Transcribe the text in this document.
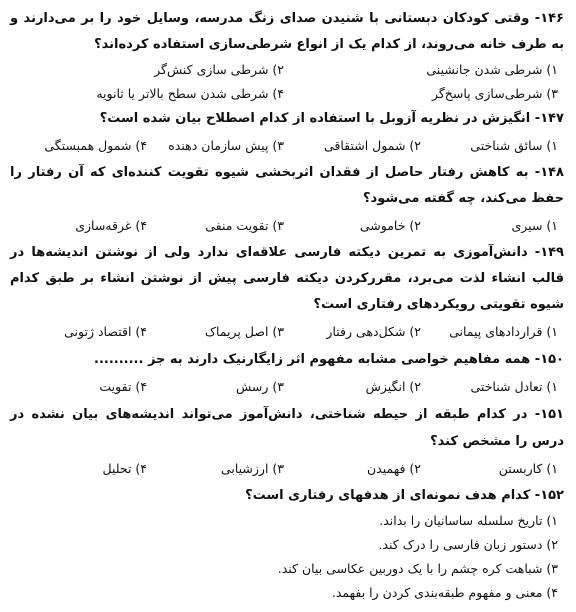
۱۴۶- وقتی کودکان دبستانی با شنیدن صدای زنگ مدرسه، وسایل خود را بر می‌دارند و به طرف خانه می‌روند، از کدام یک از انواع شرطی‌سازی استفاده کرده‌اند؟

۱) شرطی شدن جانشینی
۲) شرطی سازی کنش‌گر
۳) شرطی‌سازی پاسخ‌گر
۴) شرطی شدن سطح بالاتر یا ثانویه

۱۴۷- انگیزش در نظریه آزوبل با استفاده از کدام اصطلاح بیان شده است؟

۱) سائق شناختی
۲) شمول اشتقاقی
۳) پیش سازمان دهنده
۴) شمول همبستگی

۱۴۸- به کاهش رفتار حاصل از فقدان اثربخشی شیوه تقویت کننده‌ای که آن رفتار را حفظ می‌کند، چه گفته می‌شود؟

۱) سیری
۲) خاموشی
۳) تقویت منفی
۴) غرقه‌سازی

۱۴۹- دانش‌آموزی به تمرین دیکته فارسی علاقه‌ای ندارد ولی از نوشتن اندیشه‌ها در قالب انشاء لذت می‌برد، مقررکردن دیکته فارسی پیش از نوشتن انشاء بر طبق کدام شیوه تقویتی رویکردهای رفتاری است؟

۱) قراردادهای پیمانی
۲) شکل‌دهی رفتار
۳) اصل پریماک
۴) اقتصاد ژتونی

۱۵۰- همه مفاهیم خواصی مشابه مفهوم اثر زایگارنیک دارند به جز ..........

۱) تعادل شناختی
۲) انگیزش
۳) رسش
۴) تقویت

۱۵۱- در کدام طبقه از حیطه شناختی، دانش‌آموز می‌تواند اندیشه‌های بیان نشده در درس را مشخص کند؟

۱) کاربستن
۲) فهمیدن
۳) ارزشیابی
۴) تحلیل

۱۵۲- کدام هدف نمونه‌ای از هدفهای رفتاری است؟

۱) تاریخ سلسله ساسانیان را بداند.
۲) دستور زبان فارسی را درک کند.
۳) شباهت کره چشم را با یک دوربین عکاسی بیان کند.
۴) معنی و مفهوم طبقه‌بندی کردن را بفهمد.
